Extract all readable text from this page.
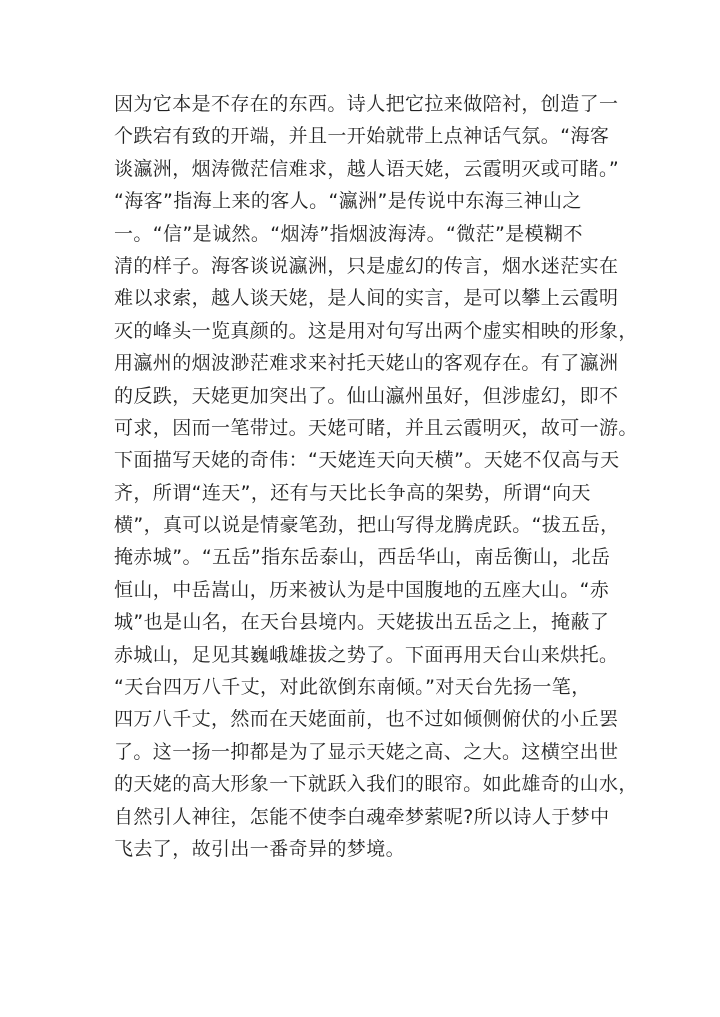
因为它本是不存在的东西。诗人把它拉来做陪衬，创造了一
个跌宕有致的开端，并且一开始就带上点神话气氛。“海客
谈瀛洲，烟涛微茫信难求，越人语天姥，云霞明灭或可睹。”
“海客”指海上来的客人。“瀛洲”是传说中东海三神山之
一。“信”是诚然。“烟涛”指烟波海涛。“微茫”是模糊不
清的样子。海客谈说瀛洲，只是虚幻的传言，烟水迷茫实在
难以求索，越人谈天姥，是人间的实言，是可以攀上云霞明
灭的峰头一览真颜的。这是用对句写出两个虚实相映的形象，
用瀛州的烟波渺茫难求来衬托天姥山的客观存在。有了瀛洲
的反跌，天姥更加突出了。仙山瀛州虽好，但涉虚幻，即不
可求，因而一笔带过。天姥可睹，并且云霞明灭，故可一游。
下面描写天姥的奇伟：“天姥连天向天横”。天姥不仅高与天
齐，所谓“连天”，还有与天比长争高的架势，所谓“向天
横”，真可以说是情豪笔劲，把山写得龙腾虎跃。“拔五岳，
掩赤城”。“五岳”指东岳泰山，西岳华山，南岳衡山，北岳
恒山，中岳嵩山，历来被认为是中国腹地的五座大山。“赤
城”也是山名，在天台县境内。天姥拔出五岳之上，掩蔽了
赤城山，足见其巍峨雄拔之势了。下面再用天台山来烘托。
“天台四万八千丈，对此欲倒东南倾。”对天台先扬一笔，
四万八千丈，然而在天姥面前，也不过如倾侧俯伏的小丘罢
了。这一扬一抑都是为了显示天姥之高、之大。这横空出世
的天姥的高大形象一下就跃入我们的眼帘。如此雄奇的山水，
自然引人神往，怎能不使李白魂牵梦萦呢?所以诗人于梦中
飞去了，故引出一番奇异的梦境。
